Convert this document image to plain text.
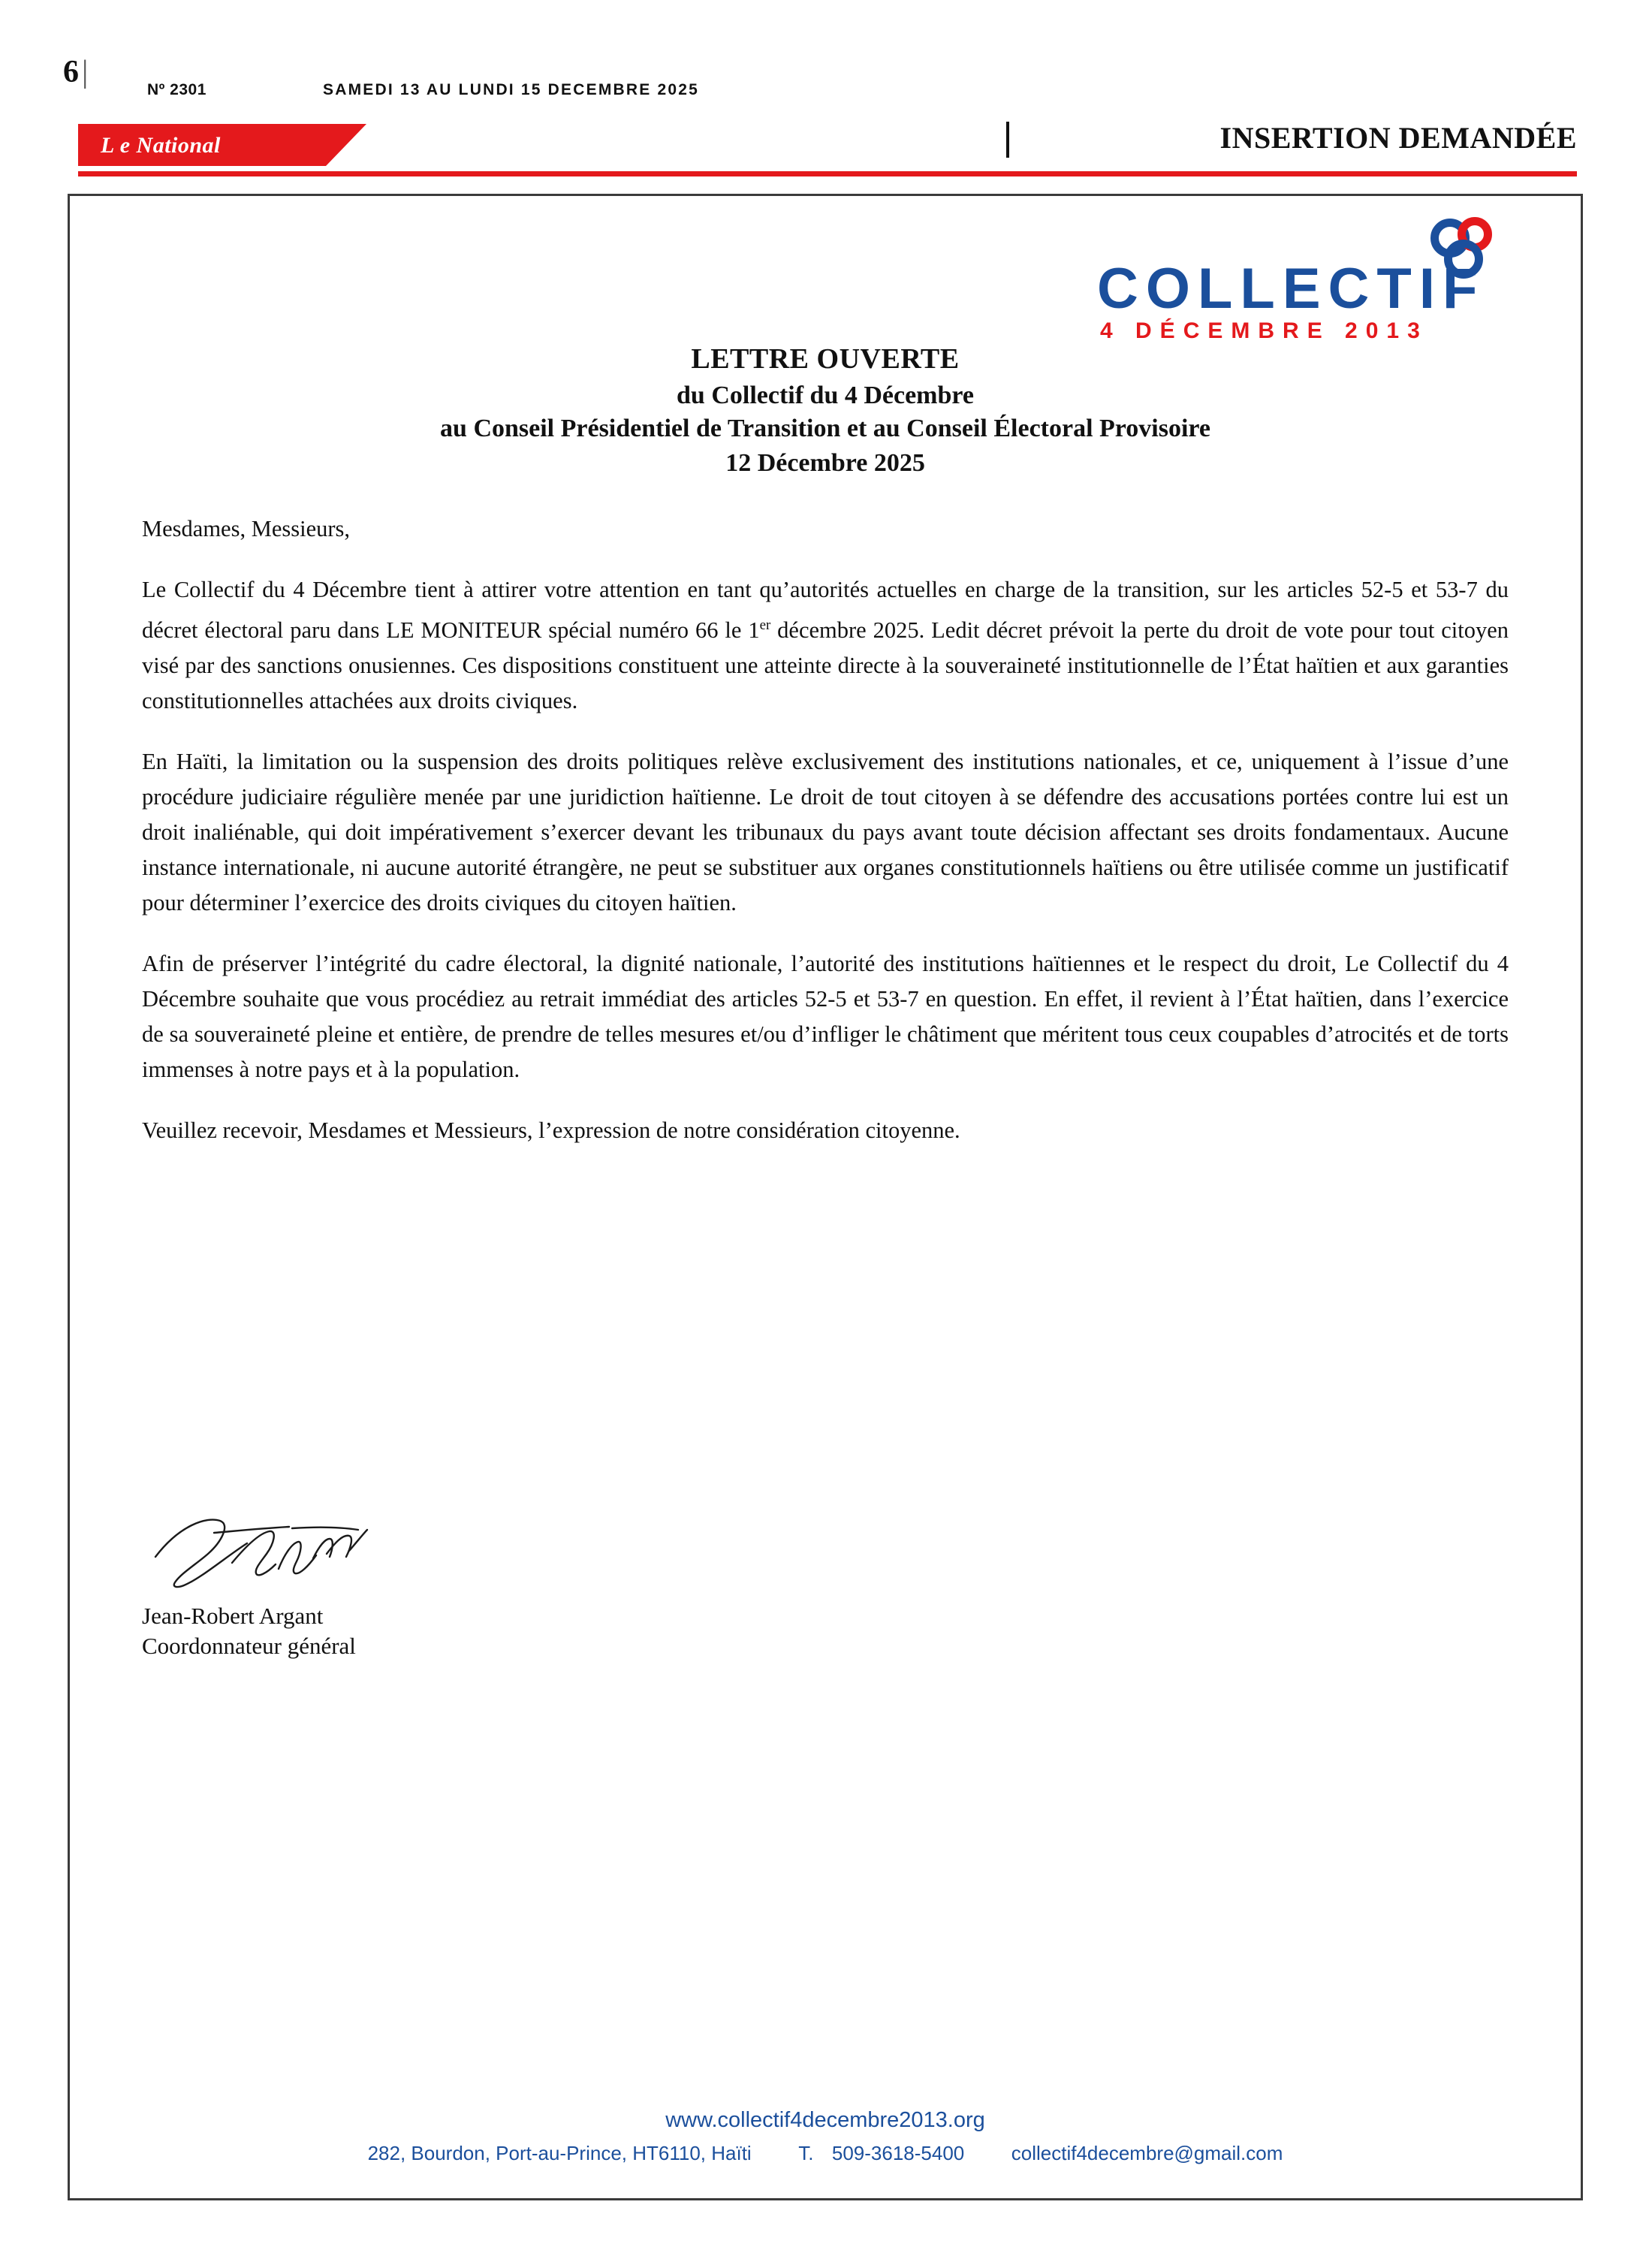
6|
Nº 2301	SAMEDI 13 AU LUNDI 15 DECEMBRE 2025
L e National	INSERTION DEMANDÉE
COLLECTIF
4 DÉCEMBRE 2013
LETTRE OUVERTE
du Collectif du 4 Décembre
au Conseil Présidentiel de Transition et au Conseil Électoral Provisoire
12 Décembre 2025

Mesdames, Messieurs,

Le Collectif du 4 Décembre tient à attirer votre attention en tant qu’autorités actuelles en charge de la transition, sur les articles 52-5 et 53-7 du décret électoral paru dans LE MONITEUR spécial numéro 66 le 1er décembre 2025. Ledit décret prévoit la perte du droit de vote pour tout citoyen visé par des sanctions onusiennes. Ces dispositions constituent une atteinte directe à la souveraineté institutionnelle de l’État haïtien et aux garanties constitutionnelles attachées aux droits civiques.

En Haïti, la limitation ou la suspension des droits politiques relève exclusivement des institutions nationales, et ce, uniquement à l’issue d’une procédure judiciaire régulière menée par une juridiction haïtienne. Le droit de tout citoyen à se défendre des accusations portées contre lui est un droit inaliénable, qui doit impérativement s’exercer devant les tribunaux du pays avant toute décision affectant ses droits fondamentaux. Aucune instance internationale, ni aucune autorité étrangère, ne peut se substituer aux organes constitutionnels haïtiens ou être utilisée comme un justificatif pour déterminer l’exercice des droits civiques du citoyen haïtien.

Afin de préserver l’intégrité du cadre électoral, la dignité nationale, l’autorité des institutions haïtiennes et le respect du droit, Le Collectif du 4 Décembre souhaite que vous procédiez au retrait immédiat des articles 52-5 et 53-7 en question. En effet, il revient à l’État haïtien, dans l’exercice de sa souveraineté pleine et entière, de prendre de telles mesures et/ou d’infliger le châtiment que méritent tous ceux coupables d’atrocités et de torts immenses à notre pays et à la population.

Veuillez recevoir, Mesdames et Messieurs, l’expression de notre considération citoyenne.

Jean-Robert Argant
Coordonnateur général
www.collectif4decembre2013.org
282, Bourdon, Port-au-Prince, HT6110, Haïti T. 509-3618-5400 collectif4decembre@gmail.com
